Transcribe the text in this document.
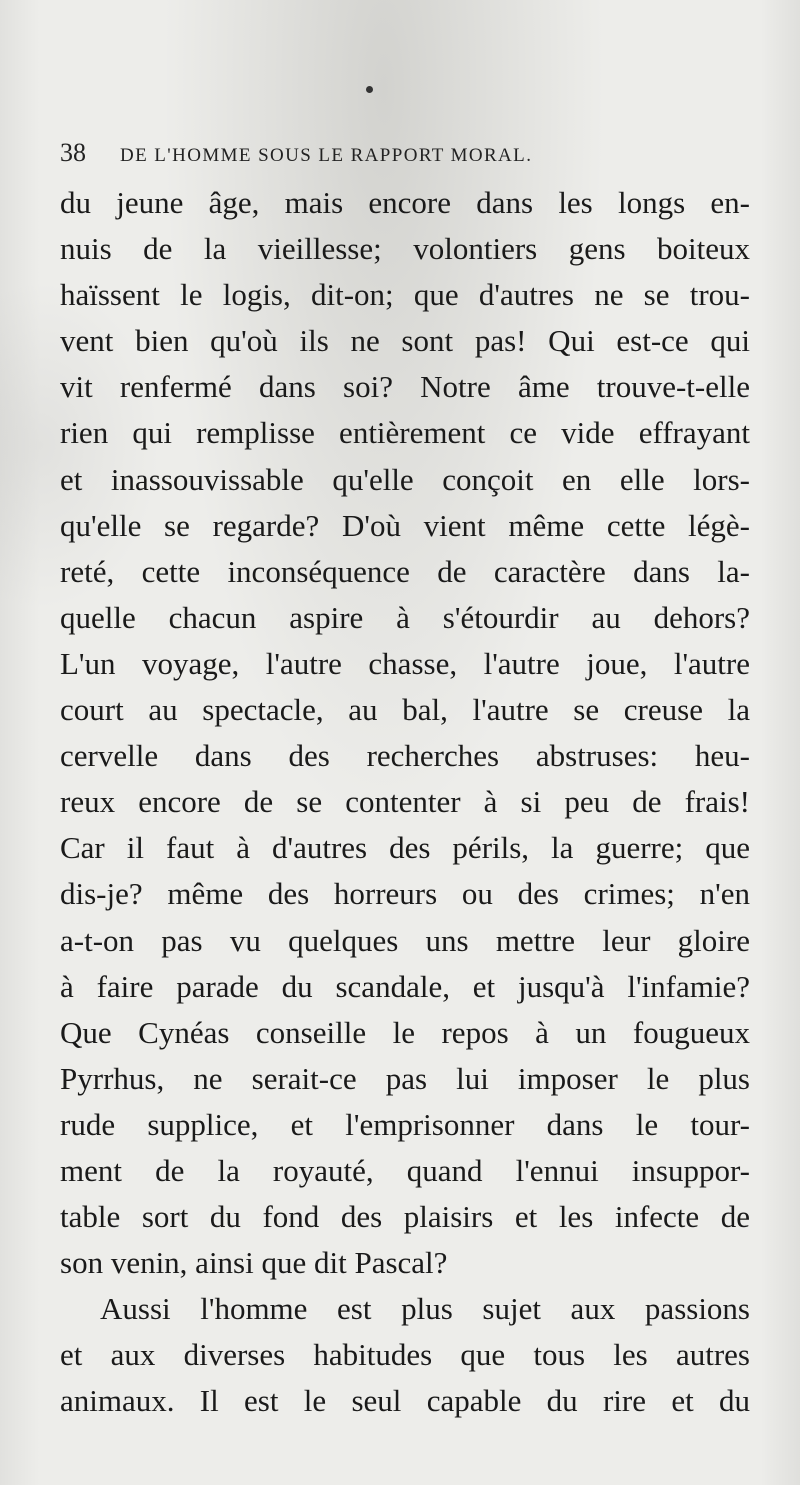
38 DE L'HOMME SOUS LE RAPPORT MORAL.
du jeune âge, mais encore dans les longs en-
nuis de la vieillesse; volontiers gens boiteux
haïssent le logis, dit-on; que d'autres ne se trou-
vent bien qu'où ils ne sont pas! Qui est-ce qui
vit renfermé dans soi? Notre âme trouve-t-elle
rien qui remplisse entièrement ce vide effrayant
et inassouvissable qu'elle conçoit en elle lors-
qu'elle se regarde? D'où vient même cette légè-
reté, cette inconséquence de caractère dans la-
quelle chacun aspire à s'étourdir au dehors?
L'un voyage, l'autre chasse, l'autre joue, l'autre
court au spectacle, au bal, l'autre se creuse la
cervelle dans des recherches abstruses: heu-
reux encore de se contenter à si peu de frais!
Car il faut à d'autres des périls, la guerre; que
dis-je? même des horreurs ou des crimes; n'en
a-t-on pas vu quelques uns mettre leur gloire
à faire parade du scandale, et jusqu'à l'infamie?
Que Cynéas conseille le repos à un fougueux
Pyrrhus, ne serait-ce pas lui imposer le plus
rude supplice, et l'emprisonner dans le tour-
ment de la royauté, quand l'ennui insuppor-
table sort du fond des plaisirs et les infecte de
son venin, ainsi que dit Pascal?
Aussi l'homme est plus sujet aux passions
et aux diverses habitudes que tous les autres
animaux. Il est le seul capable du rire et du
